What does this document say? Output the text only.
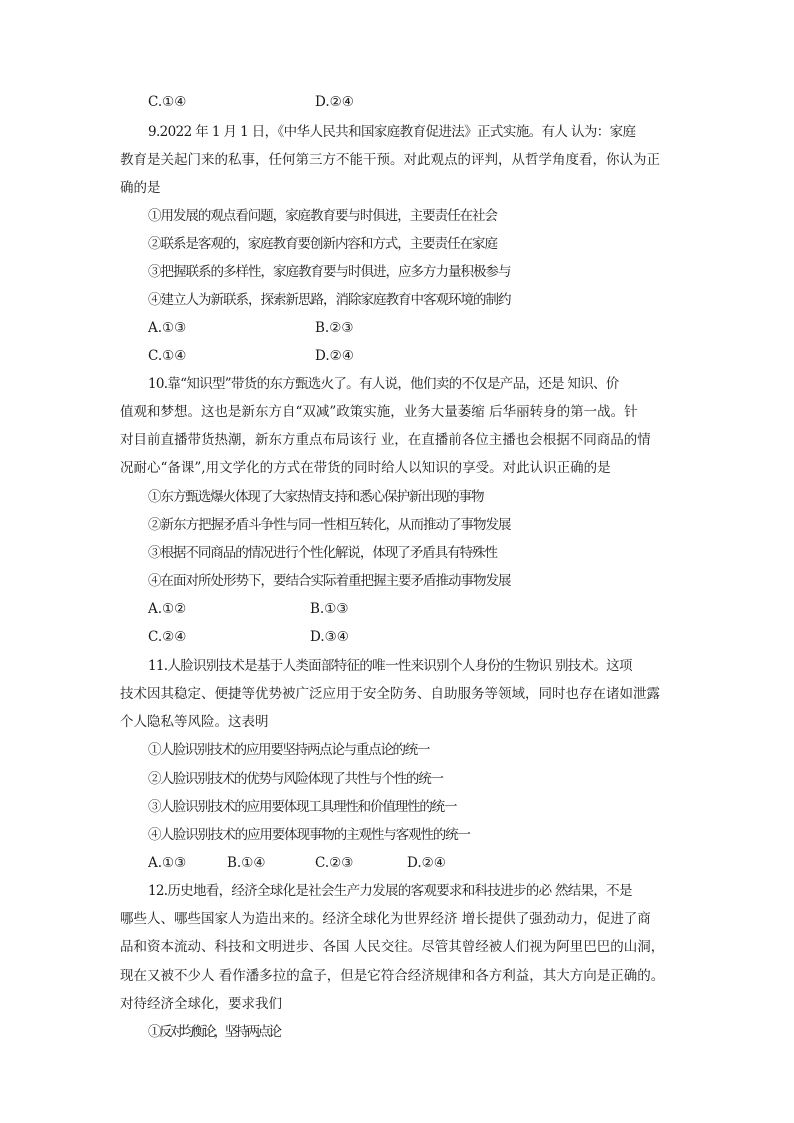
C.①④	D.②④
9.2022 年 1 月 1 日，《中华人民共和国家庭教育促进法》正式实施。有人 认为：家庭
教育是关起门来的私事，任何第三方不能干预。对此观点的评判，从哲学角度看，你认为正
确的是
①用发展的观点看问题，家庭教育要与时俱进，主要责任在社会
②联系是客观的，家庭教育要创新内容和方式，主要责任在家庭
③把握联系的多样性，家庭教育要与时俱进，应多方力量积极参与
④建立人为新联系，探索新思路，消除家庭教育中客观环境的制约
A.①③	B.②③
C.①④	D.②④
10.靠“知识型”带货的东方甄选火了。有人说，他们卖的不仅是产品，还是 知识、价
值观和梦想。这也是新东方自“双减”政策实施，业务大量萎缩 后华丽转身的第一战。针
对目前直播带货热潮，新东方重点布局该行 业，在直播前各位主播也会根据不同商品的情
况耐心“备课”,用文学化的方式在带货的同时给人以知识的享受。对此认识正确的是
①东方甄选爆火体现了大家热情支持和悉心保护新出现的事物
②新东方把握矛盾斗争性与同一性相互转化，从而推动了事物发展
③根据不同商品的情况进行个性化解说，体现了矛盾具有特殊性
④在面对所处形势下，要结合实际着重把握主要矛盾推动事物发展
A.①②	B.①③
C.②④	D.③④
11.人脸识别技术是基于人类面部特征的唯一性来识别个人身份的生物识 别技术。这项
技术因其稳定、便捷等优势被广泛应用于安全防务、自助服务等领域，同时也存在诸如泄露
个人隐私等风险。这表明
①人脸识别技术的应用要坚持两点论与重点论的统一
②人脸识别技术的优势与风险体现了共性与个性的统一
③人脸识别技术的应用要体现工具理性和价值理性的统一
④人脸识别技术的应用要体现事物的主观性与客观性的统一
A.①③	B.①④	C.②③	D.②④
12.历史地看，经济全球化是社会生产力发展的客观要求和科技进步的必 然结果，不是
哪些人、哪些国家人为造出来的。经济全球化为世界经济 增长提供了强劲动力，促进了商
品和资本流动、科技和文明进步、各国 人民交往。尽管其曾经被人们视为阿里巴巴的山洞，
现在又被不少人 看作潘多拉的盒子，但是它符合经济规律和各方利益，其大方向是正确的。
对待经济全球化，要求我们
①反对均衡论，坚持两点论
